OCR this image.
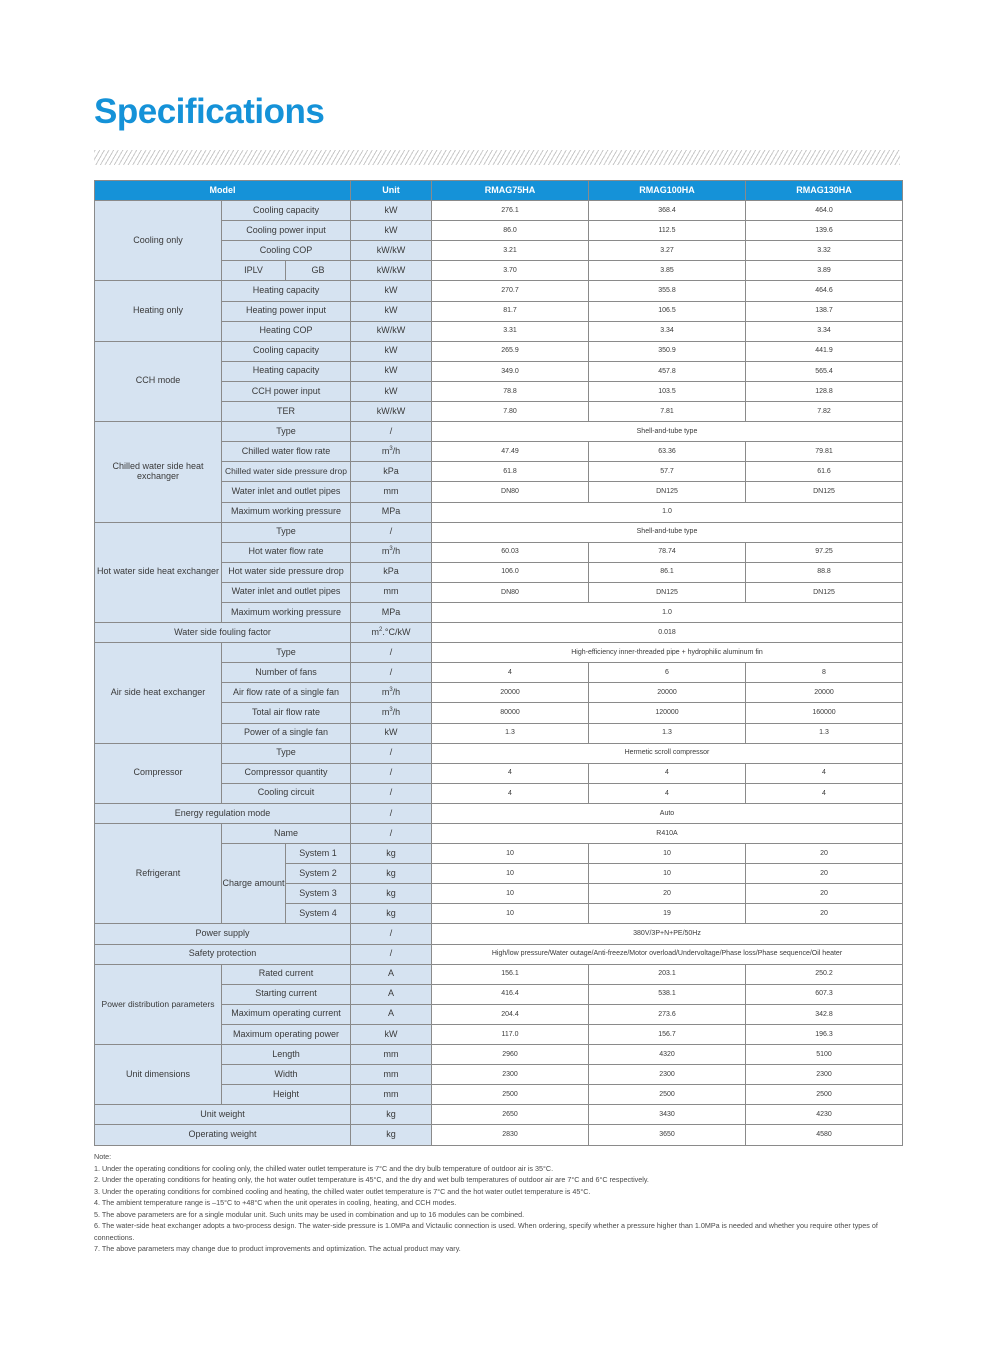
Specifications
Model			Unit	RMAG75HA	RMAG100HA	RMAG130HA
Cooling only	Cooling capacity		kW	276.1	368.4	464.0
	Cooling power input		kW	86.0	112.5	139.6
	Cooling COP		kW/kW	3.21	3.27	3.32
	IPLV	GB	kW/kW	3.70	3.85	3.89
Heating only	Heating capacity		kW	270.7	355.8	464.6
	Heating power input		kW	81.7	106.5	138.7
	Heating COP		kW/kW	3.31	3.34	3.34
CCH mode	Cooling capacity		kW	265.9	350.9	441.9
	Heating capacity		kW	349.0	457.8	565.4
	CCH power input		kW	78.8	103.5	128.8
	TER		kW/kW	7.80	7.81	7.82
Chilled water side heat exchanger	Type		/	Shell-and-tube type		
	Chilled water flow rate		$m^3/h$	47.49	63.36	79.81
	Chilled water side pressure drop		kPa	61.8	57.7	61.6
	Water inlet and outlet pipes		mm	DN80	DN125	DN125
	Maximum working pressure		MPa	1.0		
Hot water side heat exchanger	Type		/	Shell-and-tube type		
	Hot water flow rate		$m^3/h$	60.03	78.74	97.25
	Hot water side pressure drop		kPa	106.0	86.1	88.8
	Water inlet and outlet pipes		mm	DN80	DN125	DN125
	Maximum working pressure		MPa	1.0		
Water side fouling factor			$m^2.^\circ C/kW$	0.018		
Air side heat exchanger	Type		/	High-efficiency inner-threaded pipe + hydrophilic aluminum fin		
	Number of fans		/	4	6	8
	Air flow rate of a single fan		$m^3/h$	20000	20000	20000
	Total air flow rate		$m^3/h$	80000	120000	160000
	Power of a single fan		kW	1.3	1.3	1.3
Compressor	Type		/	Hermetic scroll compressor		
	Compressor quantity		/	4	4	4
	Cooling circuit		/	4	4	4
Energy regulation mode			/	Auto		
Refrigerant	Name		/	R410A		
	Charge amount	System 1	kg	10	10	20
		System 2	kg	10	10	20
		System 3	kg	10	20	20
		System 4	kg	10	19	20
Power supply			/	380V/3P+N+PE/50Hz		
Safety protection			/	High/low pressure/Water outage/Anti-freeze/Motor overload/Undervoltage/Phase loss/Phase sequence/Oil heater		
Power distribution parameters	Rated current		A	156.1	203.1	250.2
	Starting current		A	416.4	538.1	607.3
	Maximum operating current		A	204.4	273.6	342.8
	Maximum operating power		kW	117.0	156.7	196.3
Unit dimensions	Length		mm	2960	4320	5100
	Width		mm	2300	2300	2300
	Height		mm	2500	2500	2500
Unit weight			kg	2650	3430	4230
Operating weight			kg	2830	3650	4580
Note:
1. Under the operating conditions for cooling only, the chilled water outlet temperature is 7°C and the dry bulb temperature of outdoor air is 35°C.
2. Under the operating conditions for heating only, the hot water outlet temperature is 45°C, and the dry and wet bulb temperatures of outdoor air are 7°C and 6°C respectively.
3. Under the operating conditions for combined cooling and heating, the chilled water outlet temperature is 7°C and the hot water outlet temperature is 45°C.
4. The ambient temperature range is –15°C to +48°C when the unit operates in cooling, heating, and CCH modes.
5. The above parameters are for a single modular unit. Such units may be used in combination and up to 16 modules can be combined.
6. The water-side heat exchanger adopts a two-process design. The water-side pressure is 1.0MPa and Victaulic connection is used. When ordering, specify whether a pressure higher than 1.0MPa is needed and whether you require other types of connections.
7. The above parameters may change due to product improvements and optimization. The actual product may vary.
